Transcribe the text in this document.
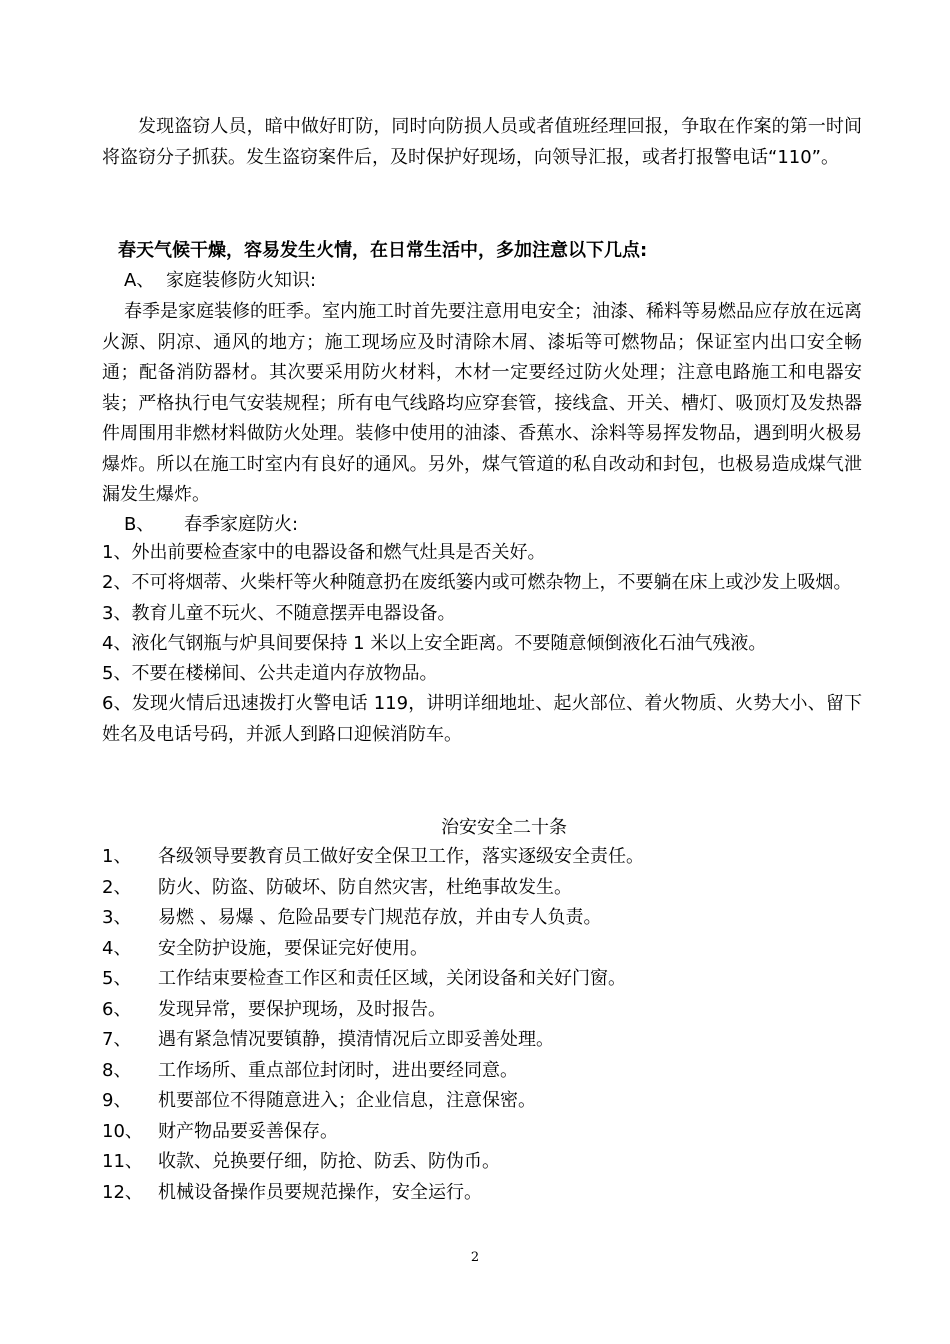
发现盗窃人员，暗中做好盯防，同时向防损人员或者值班经理回报，争取在作案的第一时间将盗窃分子抓获。发生盗窃案件后，及时保护好现场，向领导汇报，或者打报警电话“110”。

春天气候干燥，容易发生火情，在日常生活中，多加注意以下几点:

A、 家庭装修防火知识:

春季是家庭装修的旺季。室内施工时首先要注意用电安全；油漆、稀料等易燃品应存放在远离火源、阴凉、通风的地方；施工现场应及时清除木屑、漆垢等可燃物品；保证室内出口安全畅通；配备消防器材。其次要采用防火材料，木材一定要经过防火处理；注意电路施工和电器安装；严格执行电气安装规程；所有电气线路均应穿套管，接线盒、开关、槽灯、吸顶灯及发热器件周围用非燃材料做防火处理。装修中使用的油漆、香蕉水、涂料等易挥发物品，遇到明火极易爆炸。所以在施工时室内有良好的通风。另外，煤气管道的私自改动和封包，也极易造成煤气泄漏发生爆炸。

B、 春季家庭防火:

1、外出前要检查家中的电器设备和燃气灶具是否关好。
2、不可将烟蒂、火柴杆等火种随意扔在废纸篓内或可燃杂物上，不要躺在床上或沙发上吸烟。
3、教育儿童不玩火、不随意摆弄电器设备。
4、液化气钢瓶与炉具间要保持 1 米以上安全距离。不要随意倾倒液化石油气残液。
5、不要在楼梯间、公共走道内存放物品。
6、发现火情后迅速拨打火警电话 119，讲明详细地址、起火部位、着火物质、火势大小、留下姓名及电话号码，并派人到路口迎候消防车。

治安安全二十条

1、	各级领导要教育员工做好安全保卫工作，落实逐级安全责任。
2、	防火、防盗、防破坏、防自然灾害，杜绝事故发生。
3、	易燃 、易爆 、危险品要专门规范存放，并由专人负责。
4、	安全防护设施，要保证完好使用。
5、	工作结束要检查工作区和责任区域，关闭设备和关好门窗。
6、	发现异常，要保护现场，及时报告。
7、	遇有紧急情况要镇静，摸清情况后立即妥善处理。
8、	工作场所、重点部位封闭时，进出要经同意。
9、	机要部位不得随意进入；企业信息，注意保密。
10、 财产物品要妥善保存。
11、 收款、兑换要仔细，防抢、防丢、防伪币。
12、 机械设备操作员要规范操作，安全运行。
2
